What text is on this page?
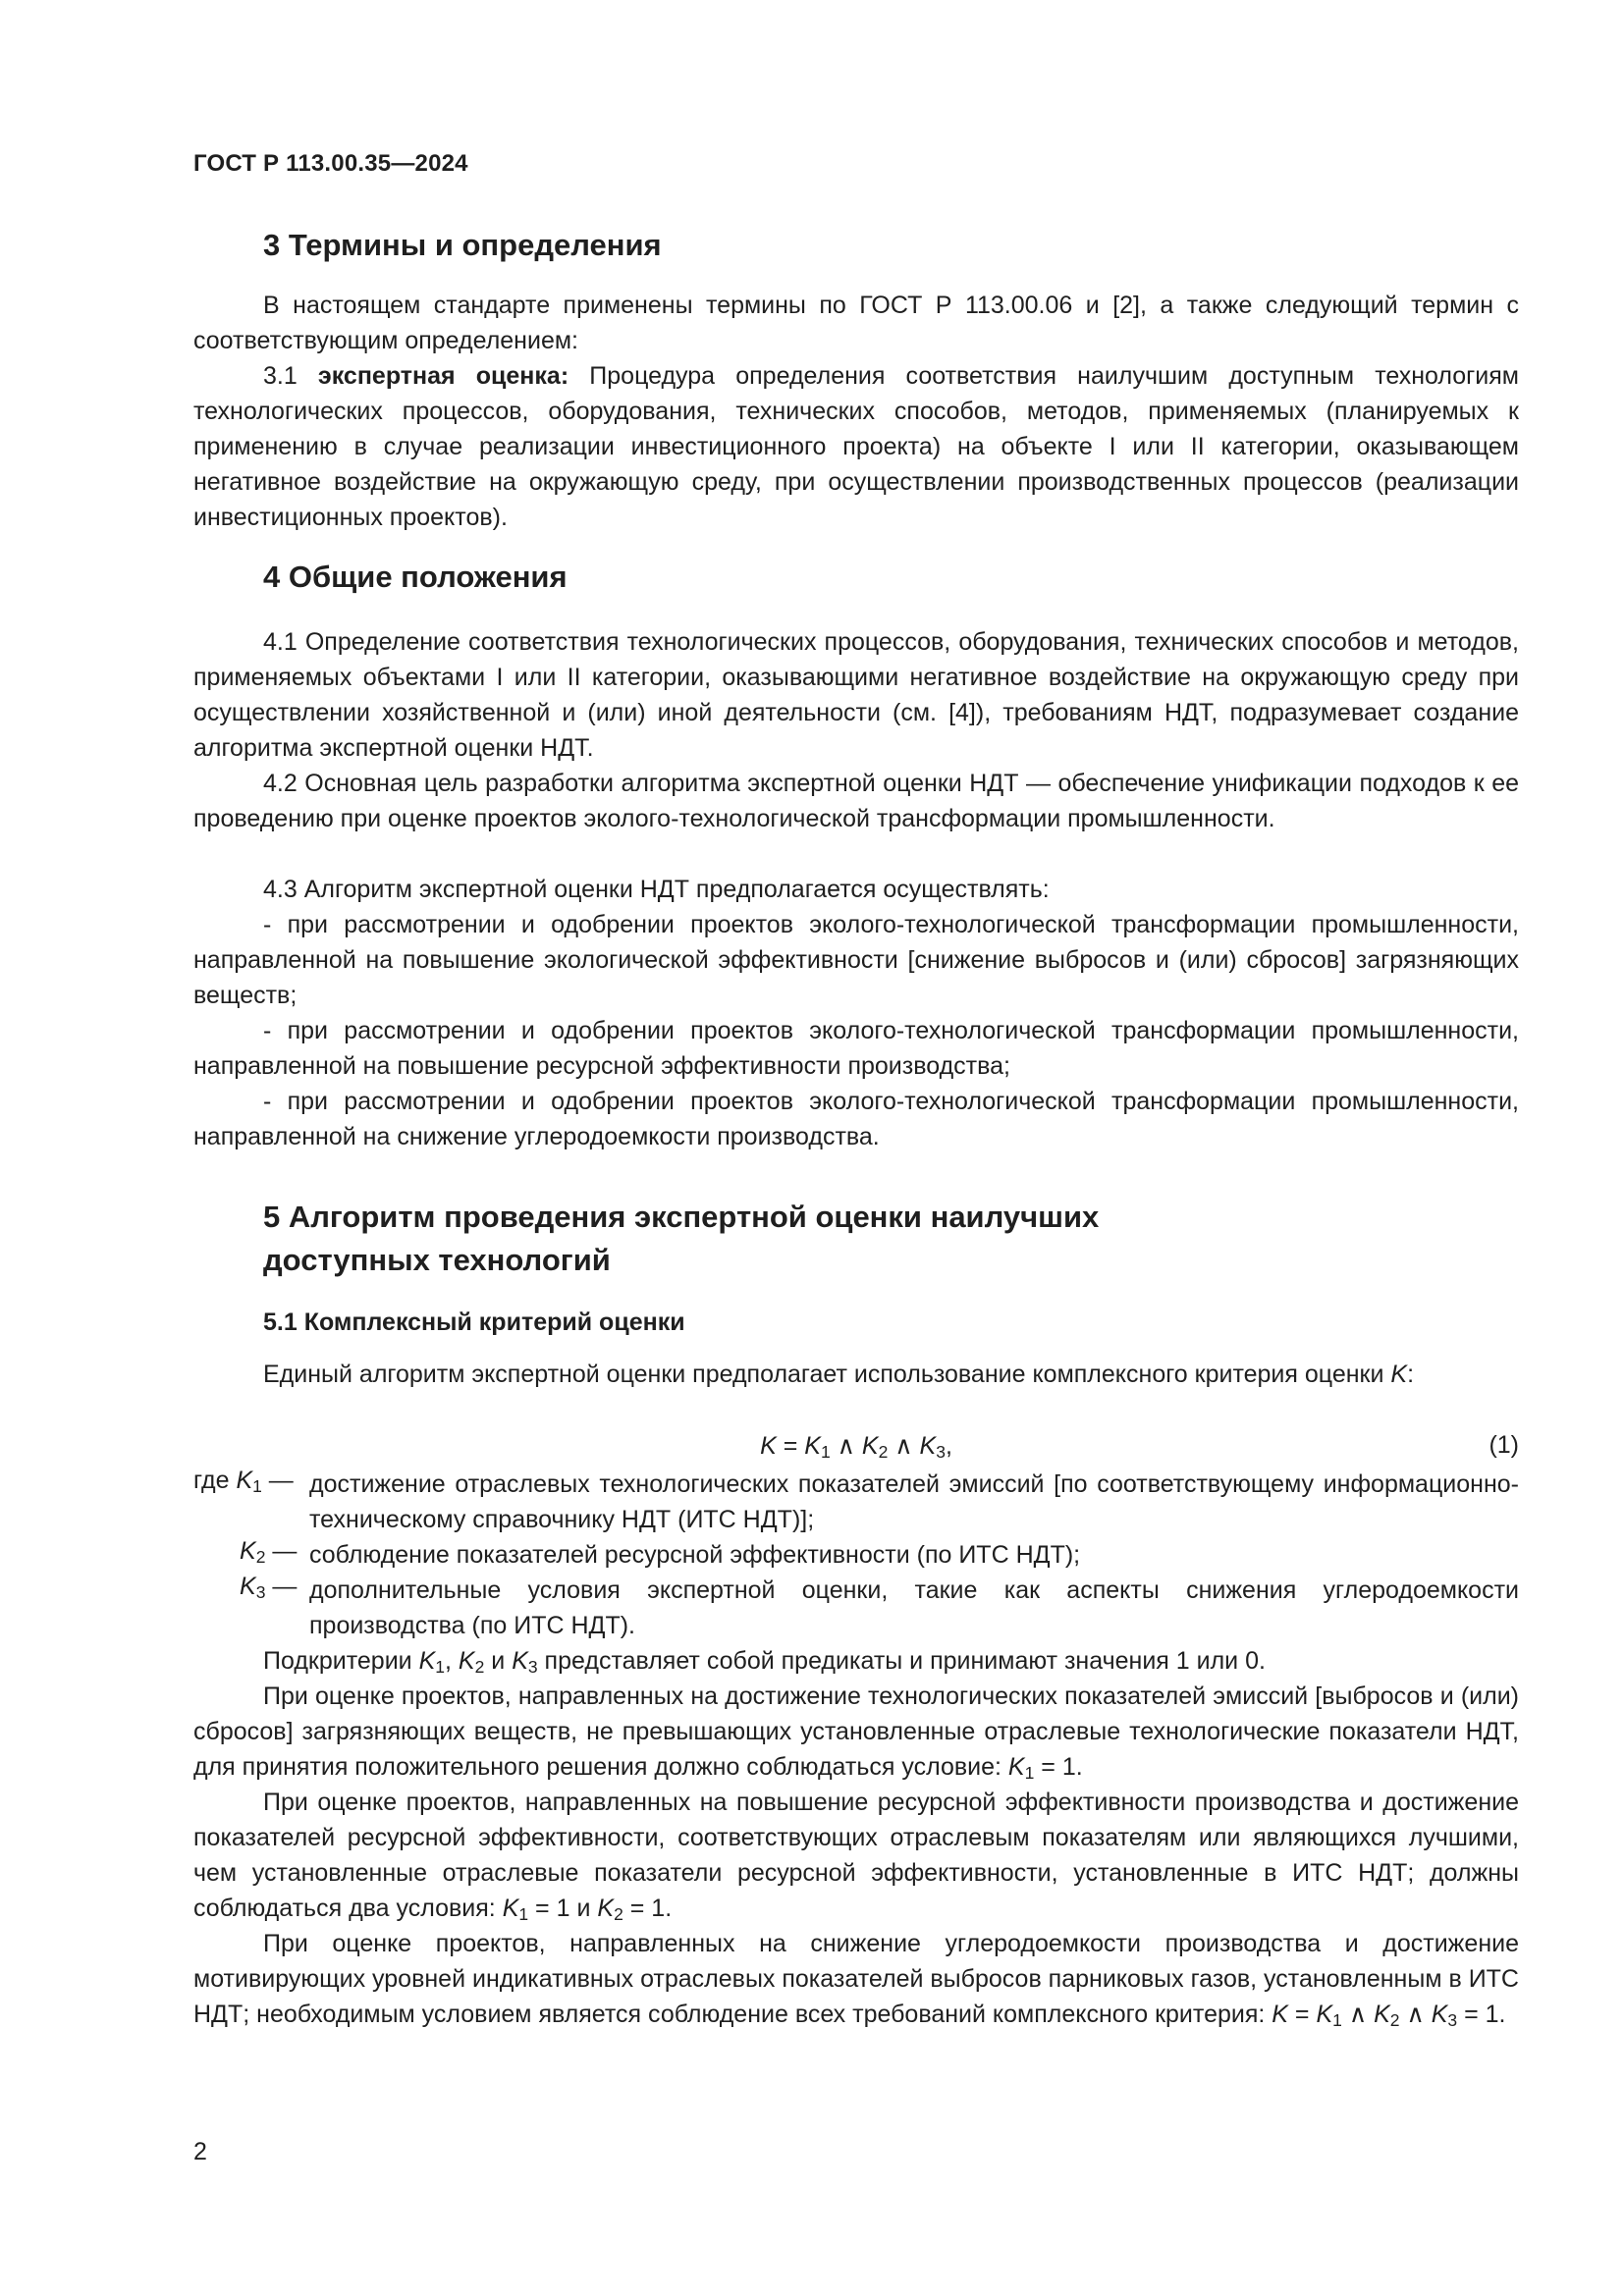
ГОСТ Р 113.00.35—2024
3 Термины и определения
В настоящем стандарте применены термины по ГОСТ Р 113.00.06 и [2], а также следующий термин с соответствующим определением:
3.1 экспертная оценка: Процедура определения соответствия наилучшим доступным технологиям технологических процессов, оборудования, технических способов, методов, применяемых (планируемых к применению в случае реализации инвестиционного проекта) на объекте I или II категории, оказывающем негативное воздействие на окружающую среду, при осуществлении производственных процессов (реализации инвестиционных проектов).
4 Общие положения
4.1 Определение соответствия технологических процессов, оборудования, технических способов и методов, применяемых объектами I или II категории, оказывающими негативное воздействие на окружающую среду при осуществлении хозяйственной и (или) иной деятельности (см. [4]), требованиям НДТ, подразумевает создание алгоритма экспертной оценки НДТ.
4.2 Основная цель разработки алгоритма экспертной оценки НДТ — обеспечение унификации подходов к ее проведению при оценке проектов эколого-технологической трансформации промышленности.
4.3 Алгоритм экспертной оценки НДТ предполагается осуществлять:
- при рассмотрении и одобрении проектов эколого-технологической трансформации промышленности, направленной на повышение экологической эффективности [снижение выбросов и (или) сбросов] загрязняющих веществ;
- при рассмотрении и одобрении проектов эколого-технологической трансформации промышленности, направленной на повышение ресурсной эффективности производства;
- при рассмотрении и одобрении проектов эколого-технологической трансформации промышленности, направленной на снижение углеродоемкости производства.
5 Алгоритм проведения экспертной оценки наилучших
доступных технологий
5.1 Комплексный критерий оценки
Единый алгоритм экспертной оценки предполагает использование комплексного критерия оценки K:
$K = K_1$ ∧ $K_2$ ∧ $K_3$,	(1)
где $K_1$ — достижение отраслевых технологических показателей эмиссий [по соответствующему информационно-техническому справочнику НДТ (ИТС НДТ)];
$K_2$ — соблюдение показателей ресурсной эффективности (по ИТС НДТ);
$K_3$ — дополнительные условия экспертной оценки, такие как аспекты снижения углеродоемкости производства (по ИТС НДТ).
Подкритерии $K_1$, $K_2$ и $K_3$ представляет собой предикаты и принимают значения 1 или 0.
При оценке проектов, направленных на достижение технологических показателей эмиссий [выбросов и (или) сбросов] загрязняющих веществ, не превышающих установленные отраслевые технологические показатели НДТ, для принятия положительного решения должно соблюдаться условие: $K_1 = 1$.
При оценке проектов, направленных на повышение ресурсной эффективности производства и достижение показателей ресурсной эффективности, соответствующих отраслевым показателям или являющихся лучшими, чем установленные отраслевые показатели ресурсной эффективности, установленные в ИТС НДТ; должны соблюдаться два условия: $K_1 = 1$ и $K_2 = 1$.
При оценке проектов, направленных на снижение углеродоемкости производства и достижение мотивирующих уровней индикативных отраслевых показателей выбросов парниковых газов, установленным в ИТС НДТ; необходимым условием является соблюдение всех требований комплексного критерия: $K = K_1$ ∧ $K_2$ ∧ $K_3 = 1$.
2
